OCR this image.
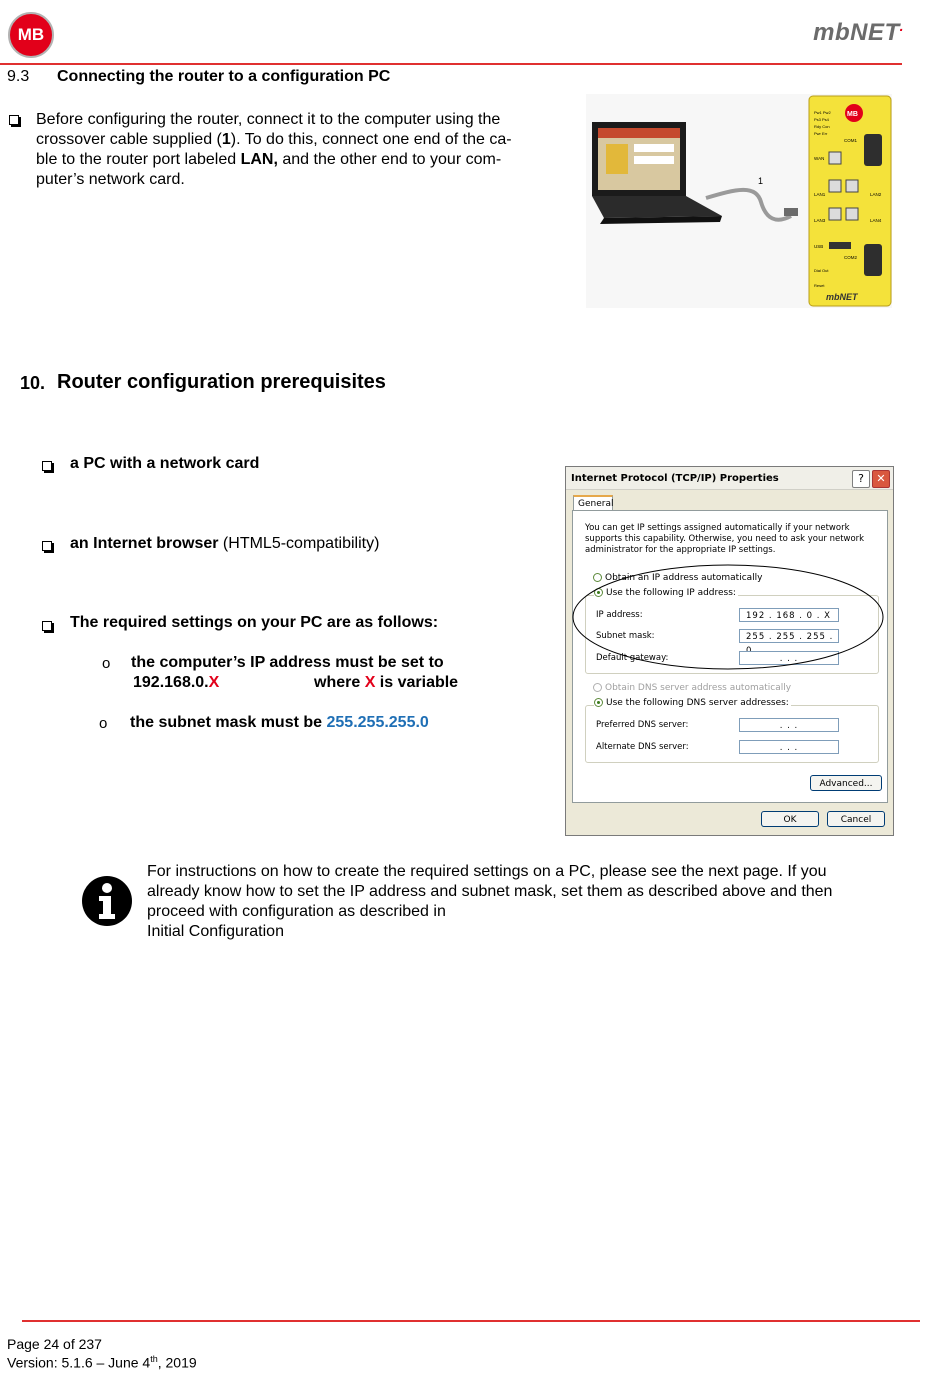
MB	mbNET.
9.3 Connecting the router to a configuration PC
Before configuring the router, connect it to the computer using the
crossover cable supplied (1). To do this, connect one end of the ca-
ble to the router port labeled LAN, and the other end to your com-
puter’s network card.	1
MB
Pw1 Pw2
Ps3 Ps4
Rdy Con
Pwr Err
COM1
WAN
LAN1	LAN2
LAN3	LAN4
USB
COM2
Dial Out
Reset
mbNET
10. Router configuration prerequisites
a PC with a network card
an Internet browser (HTML5-compatibility)
The required settings on your PC are as follows:
o the computer’s IP address must be set to
192.168.0.X	where X is variable
o the subnet mask must be 255.255.255.0
Internet Protocol (TCP/IP) Properties	?	✕
General
You can get IP settings assigned automatically if your network supports this capability. Otherwise, you need to ask your network administrator for the appropriate IP settings.
Obtain an IP address automatically
Use the following IP address:
IP address:	192 . 168 . 0 . X
Subnet mask:	255 . 255 . 255 .
Default gateway:	. . .
Obtain DNS server address automatically
Use the following DNS server addresses:
Preferred DNS server:	. . .
Alternate DNS server:	. . .
Advanced...
OK	Cancel
For instructions on how to create the required settings on a PC, please see the next page. If you
already know how to set the IP address and subnet mask, set them as described above and then
proceed with configuration as described in
Initial Configuration
Page 24 of 237
Version: 5.1.6 – June 4th, 2019
